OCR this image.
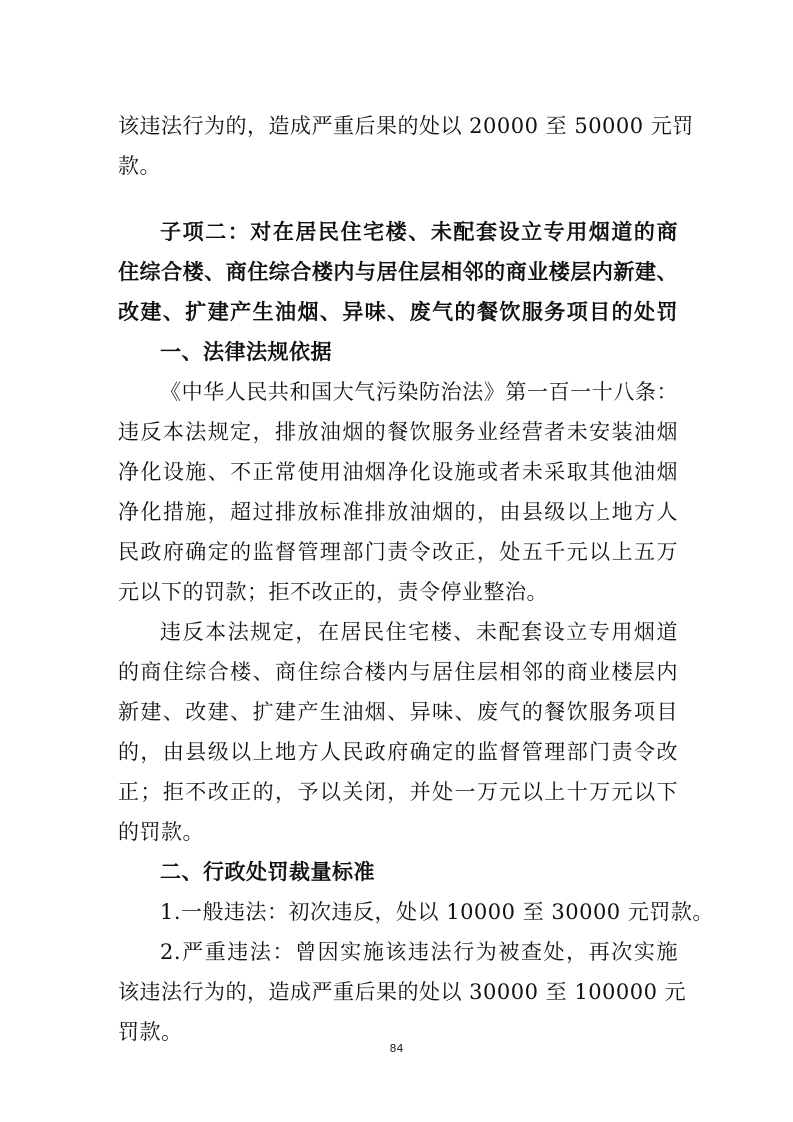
该违法行为的，造成严重后果的处以 20000 至 50000 元罚
款。
子项二：对在居民住宅楼、未配套设立专用烟道的商
住综合楼、商住综合楼内与居住层相邻的商业楼层内新建、
改建、扩建产生油烟、异味、废气的餐饮服务项目的处罚
一、法律法规依据
《中华人民共和国大气污染防治法》第一百一十八条：
违反本法规定，排放油烟的餐饮服务业经营者未安装油烟
净化设施、不正常使用油烟净化设施或者未采取其他油烟
净化措施，超过排放标准排放油烟的，由县级以上地方人
民政府确定的监督管理部门责令改正，处五千元以上五万
元以下的罚款；拒不改正的，责令停业整治。
违反本法规定，在居民住宅楼、未配套设立专用烟道
的商住综合楼、商住综合楼内与居住层相邻的商业楼层内
新建、改建、扩建产生油烟、异味、废气的餐饮服务项目
的，由县级以上地方人民政府确定的监督管理部门责令改
正；拒不改正的，予以关闭，并处一万元以上十万元以下
的罚款。
二、行政处罚裁量标准
1.一般违法：初次违反，处以 10000 至 30000 元罚款。
2.严重违法：曾因实施该违法行为被查处，再次实施
该违法行为的，造成严重后果的处以 30000 至 100000 元
罚款。
84
